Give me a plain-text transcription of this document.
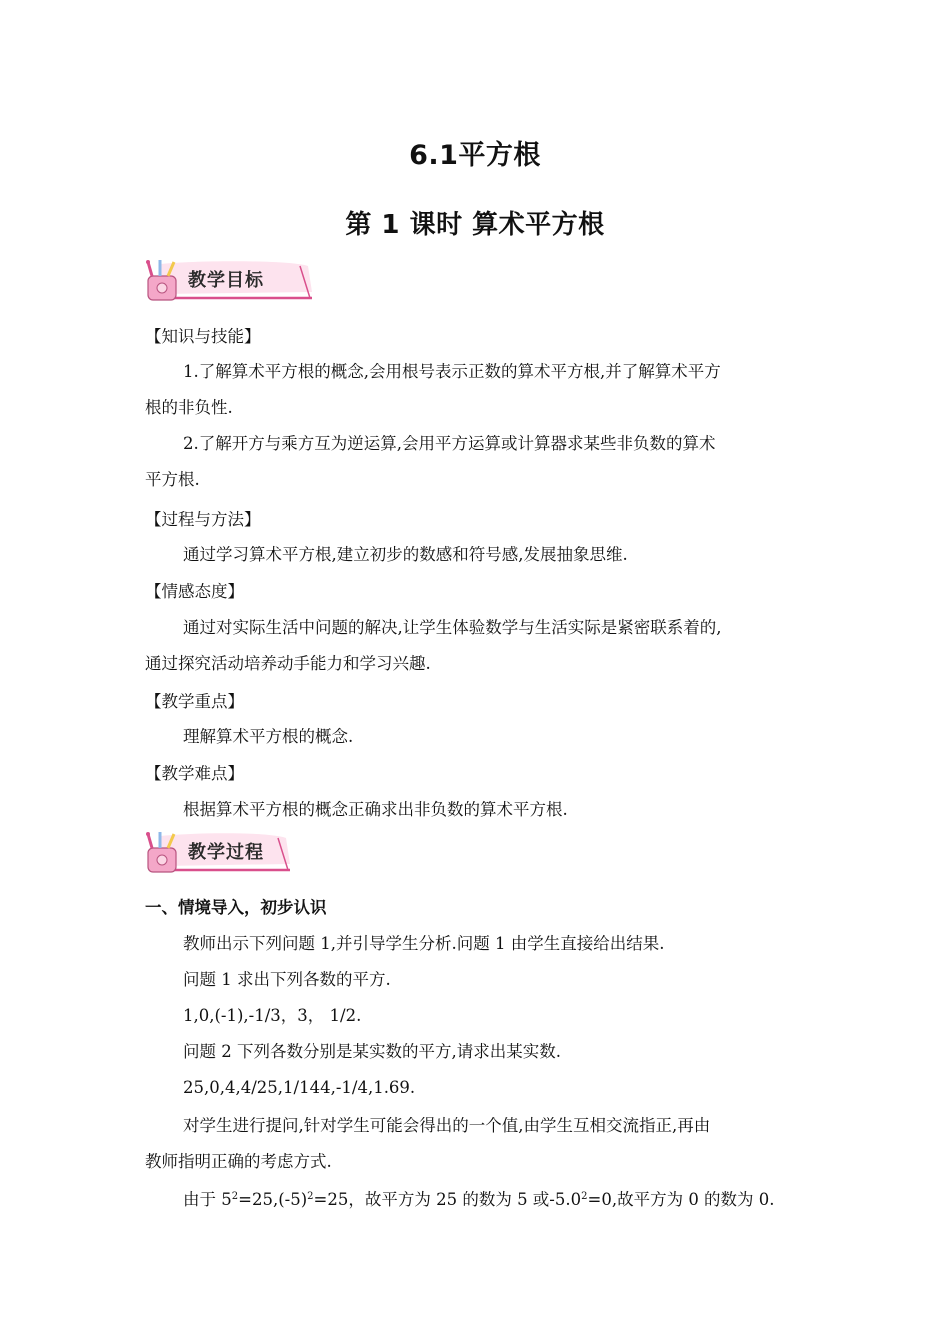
6.1平方根
第 1 课时 算术平方根
教学目标
【知识与技能】
1.了解算术平方根的概念,会用根号表示正数的算术平方根,并了解算术平方
根的非负性.
2.了解开方与乘方互为逆运算,会用平方运算或计算器求某些非负数的算术
平方根.
【过程与方法】
通过学习算术平方根,建立初步的数感和符号感,发展抽象思维.
【情感态度】
通过对实际生活中问题的解决,让学生体验数学与生活实际是紧密联系着的,
通过探究活动培养动手能力和学习兴趣.
【教学重点】
理解算术平方根的概念.
【教学难点】
根据算术平方根的概念正确求出非负数的算术平方根.
教学过程
一、情境导入，初步认识
教师出示下列问题 1,并引导学生分析.问题 1 由学生直接给出结果.
问题 1 求出下列各数的平方.
1,0,(-1),-1/3，3， 1/2.
问题 2 下列各数分别是某实数的平方,请求出某实数.
25,0,4,4/25,1/144,-1/4,1.69.
对学生进行提问,针对学生可能会得出的一个值,由学生互相交流指正,再由
教师指明正确的考虑方式.
由于 $5^2=25,(-5)^2=25$，故平方为 25 的数为 5 或$-5.0^2=0$,故平方为 0 的数为 0.
